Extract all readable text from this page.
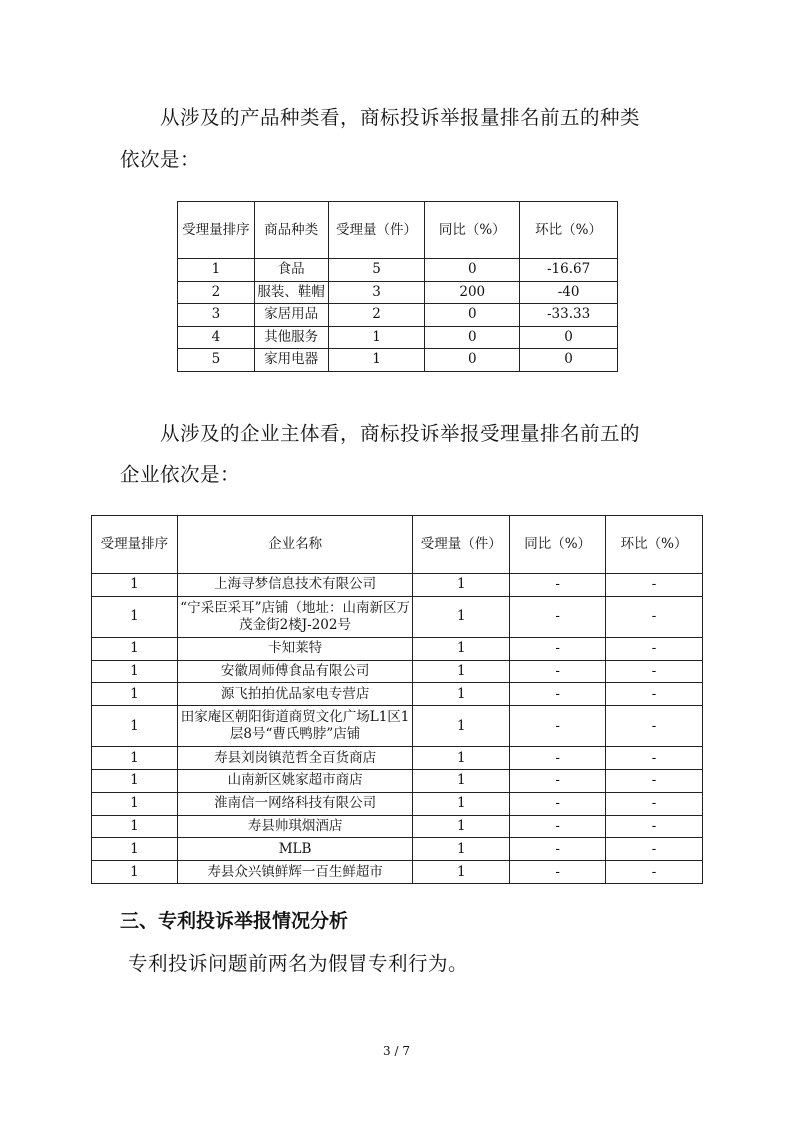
从涉及的产品种类看，商标投诉举报量排名前五的种类

依次是：

受理量排序	商品种类	受理量（件）	同比（%）	环比（%）
1	食品	5	0	-16.67
2	服装、鞋帽	3	200	-40
3	家居用品	2	0	-33.33
4	其他服务	1	0	0
5	家用电器	1	0	0

从涉及的企业主体看，商标投诉举报受理量排名前五的

企业依次是：

受理量排序	企业名称	受理量（件）	同比（%）	环比（%）
1	上海寻梦信息技术有限公司	1	-	-
1	“宁采臣采耳”店铺（地址：山南新区万茂金街2楼J-202号	1	-	-
1	卡知莱特	1	-	-
1	安徽周师傅食品有限公司	1	-	-
1	源飞拍拍优品家电专营店	1	-	-
1	田家庵区朝阳街道商贸文化广场L1区1层8号“曹氏鸭脖”店铺	1	-	-
1	寿县刘岗镇范哲全百货商店	1	-	-
1	山南新区姚家超市商店	1	-	-
1	淮南信一网络科技有限公司	1	-	-
1	寿县帅琪烟酒店	1	-	-
1	MLB	1	-	-
1	寿县众兴镇鲜辉一百生鲜超市	1	-	-
三、专利投诉举报情况分析

专利投诉问题前两名为假冒专利行为。

3 / 7
